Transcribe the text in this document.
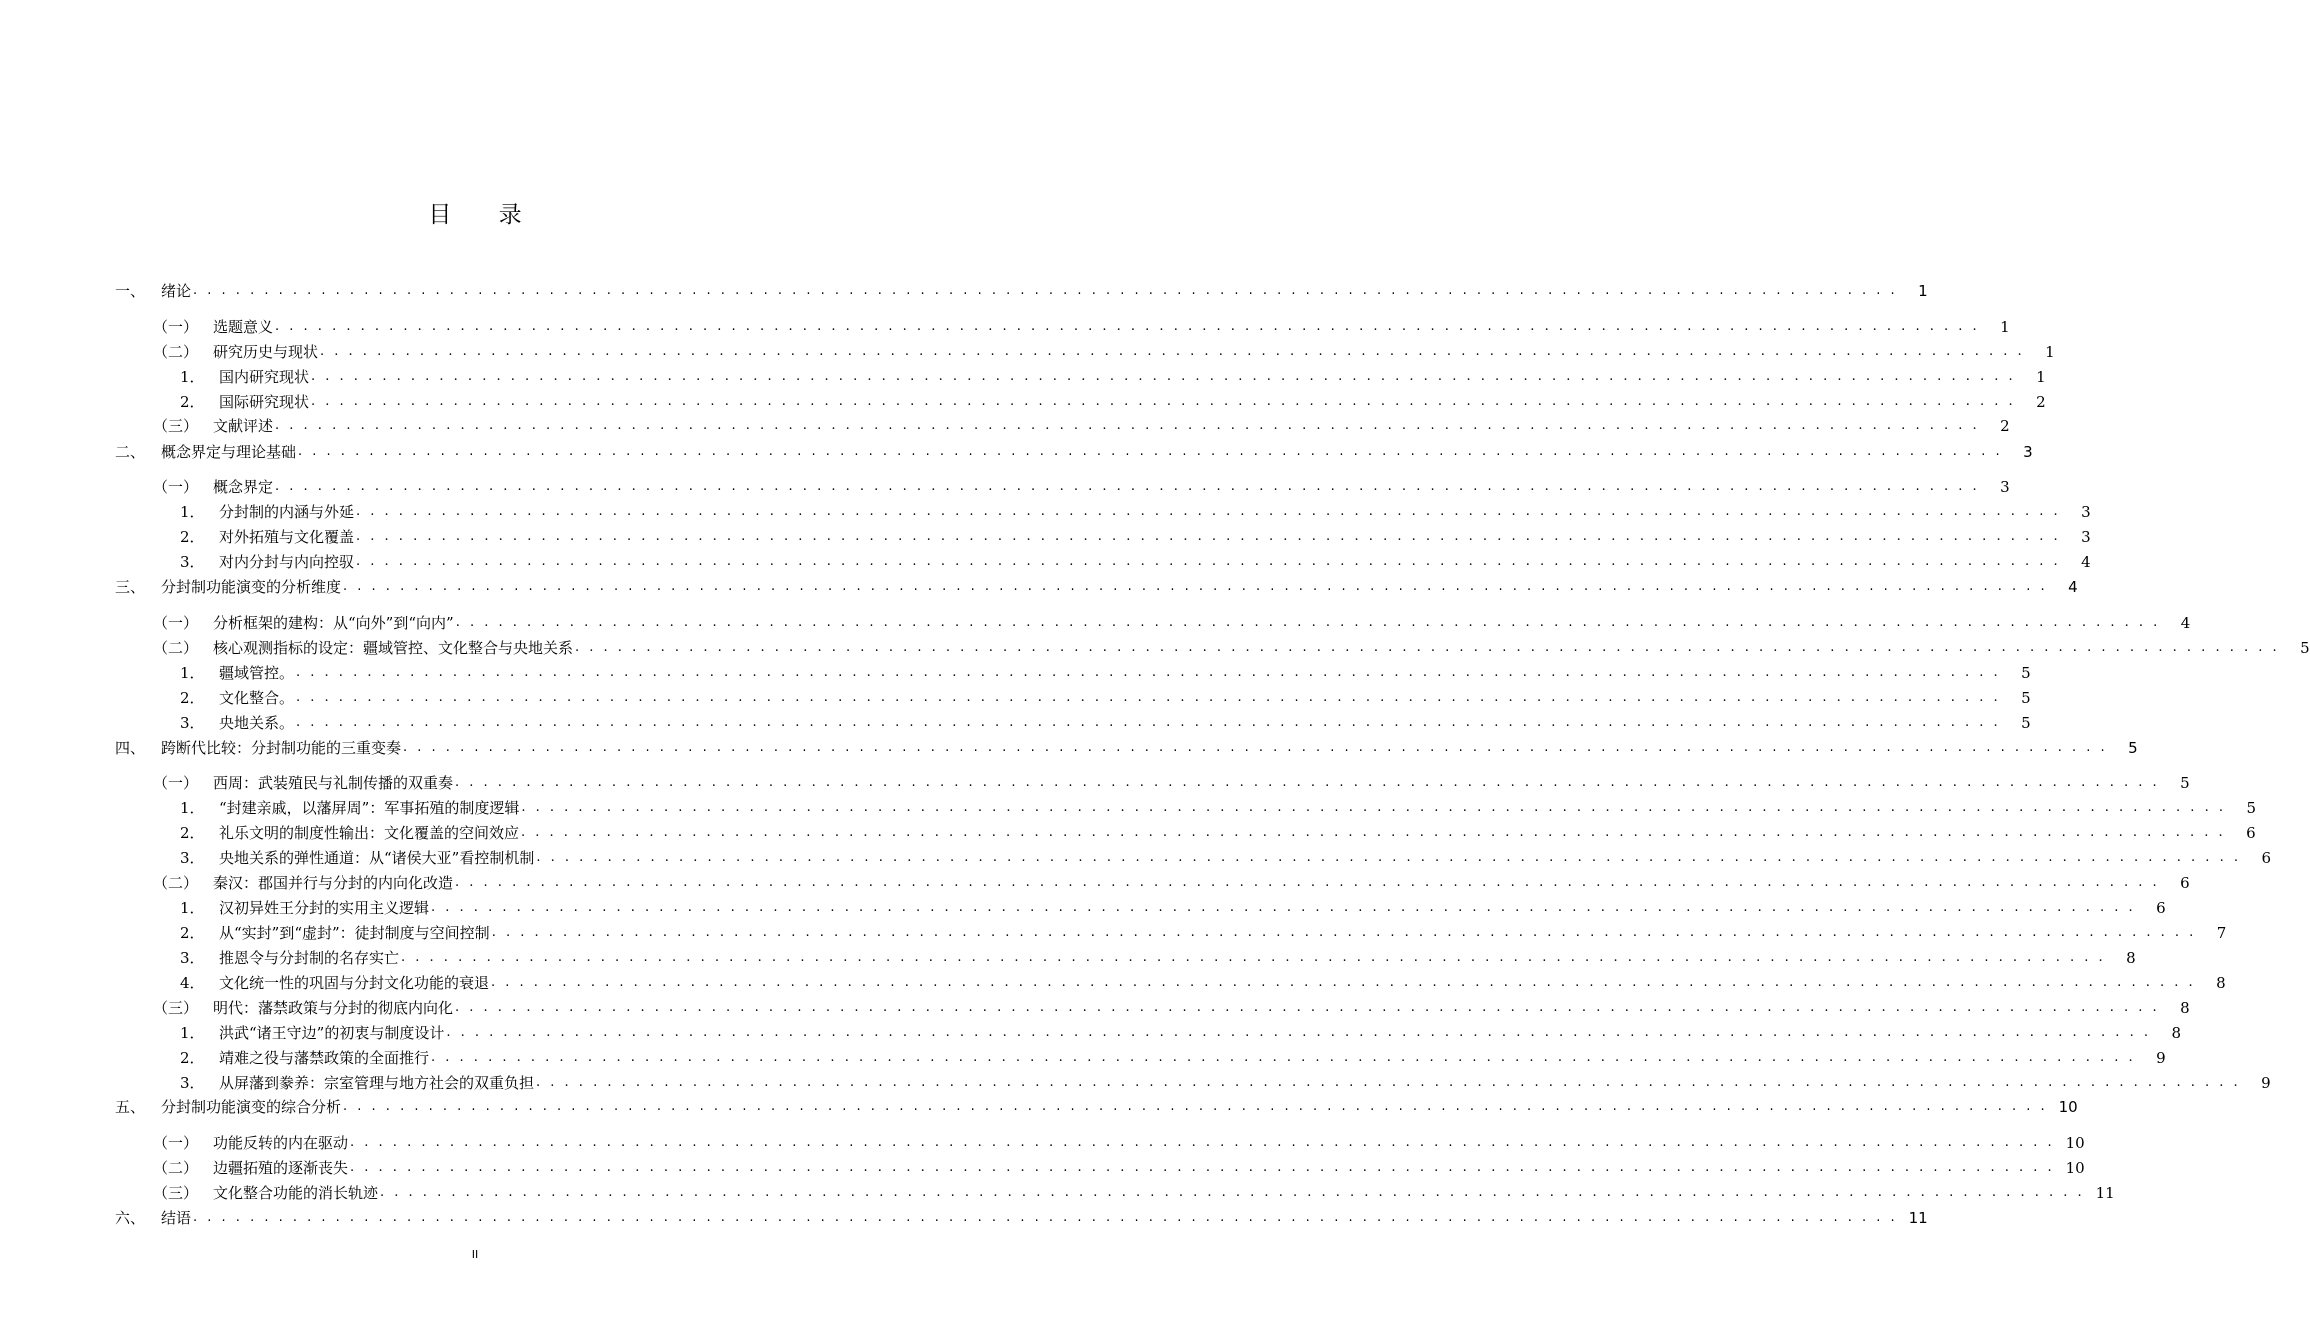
目 录
一、	绪论 . . . . . . . . . . . . . . . . . . . . . . . . . . . . . . . . . . . . . . . . . . . . . . . . . . . . . . . . . . . . . . . . . . . . . . . . . . . . . . . . . . . . . . . . . . . . . . . . . . . . . . . . . . . . . . . . . . . . . . . .	1
（一） 选题意义 . . . . . . . . . . . . . . . . . . . . . . . . . . . . . . . . . . . . . . . . . . . . . . . . . . . . . . . . . . . . . . . . . . . . . . . . . . . . . . . . . . . . . . . . . . . . . . . . . . . . . . . . . . . . . . . . . . . . . . . .	1
（二） 研究历史与现状 . . . . . . . . . . . . . . . . . . . . . . . . . . . . . . . . . . . . . . . . . . . . . . . . . . . . . . . . . . . . . . . . . . . . . . . . . . . . . . . . . . . . . . . . . . . . . . . . . . . . . . . . . . . . . . . . . . . . . . . .	1
1． 国内研究现状 . . . . . . . . . . . . . . . . . . . . . . . . . . . . . . . . . . . . . . . . . . . . . . . . . . . . . . . . . . . . . . . . . . . . . . . . . . . . . . . . . . . . . . . . . . . . . . . . . . . . . . . . . . . . . . . . . . . . . . . .	1
2． 国际研究现状 . . . . . . . . . . . . . . . . . . . . . . . . . . . . . . . . . . . . . . . . . . . . . . . . . . . . . . . . . . . . . . . . . . . . . . . . . . . . . . . . . . . . . . . . . . . . . . . . . . . . . . . . . . . . . . . . . . . . . . . .	2
（三） 文献评述 . . . . . . . . . . . . . . . . . . . . . . . . . . . . . . . . . . . . . . . . . . . . . . . . . . . . . . . . . . . . . . . . . . . . . . . . . . . . . . . . . . . . . . . . . . . . . . . . . . . . . . . . . . . . . . . . . . . . . . . .	2
二、	概念界定与理论基础 . . . . . . . . . . . . . . . . . . . . . . . . . . . . . . . . . . . . . . . . . . . . . . . . . . . . . . . . . . . . . . . . . . . . . . . . . . . . . . . . . . . . . . . . . . . . . . . . . . . . . . . . . . . . . . . . . . . . . . . .	3
（一） 概念界定 . . . . . . . . . . . . . . . . . . . . . . . . . . . . . . . . . . . . . . . . . . . . . . . . . . . . . . . . . . . . . . . . . . . . . . . . . . . . . . . . . . . . . . . . . . . . . . . . . . . . . . . . . . . . . . . . . . . . . . . .	3
1． 分封制的内涵与外延 . . . . . . . . . . . . . . . . . . . . . . . . . . . . . . . . . . . . . . . . . . . . . . . . . . . . . . . . . . . . . . . . . . . . . . . . . . . . . . . . . . . . . . . . . . . . . . . . . . . . . . . . . . . . . . . . . . . . . . . .	3
2． 对外拓殖与文化覆盖 . . . . . . . . . . . . . . . . . . . . . . . . . . . . . . . . . . . . . . . . . . . . . . . . . . . . . . . . . . . . . . . . . . . . . . . . . . . . . . . . . . . . . . . . . . . . . . . . . . . . . . . . . . . . . . . . . . . . . . . .	3
3． 对内分封与内向控驭 . . . . . . . . . . . . . . . . . . . . . . . . . . . . . . . . . . . . . . . . . . . . . . . . . . . . . . . . . . . . . . . . . . . . . . . . . . . . . . . . . . . . . . . . . . . . . . . . . . . . . . . . . . . . . . . . . . . . . . . .	4
三、	分封制功能演变的分析维度 . . . . . . . . . . . . . . . . . . . . . . . . . . . . . . . . . . . . . . . . . . . . . . . . . . . . . . . . . . . . . . . . . . . . . . . . . . . . . . . . . . . . . . . . . . . . . . . . . . . . . . . . . . . . . . . . . . . . . . . .	4
（一） 分析框架的建构：从“向外”到“向内” . . . . . . . . . . . . . . . . . . . . . . . . . . . . . . . . . . . . . . . . . . . . . . . . . . . . . . . . . . . . . . . . . . . . . . . . . . . . . . . . . . . . . . . . . . . . . . . . . . . . . . . . . . . . . . . . . . . . . . . .	4
（二） 核心观测指标的设定：疆域管控、文化整合与央地关系 . . . . . . . . . . . . . . . . . . . . . . . . . . . . . . . . . . . . . . . . . . . . . . . . . . . . . . . . . . . . . . . . . . . . . . . . . . . . . . . . . . . . . . . . . . . . . . . . . . . . . . . . . . . . . . . . . . . . . . . .	5
1． 疆域管控。 . . . . . . . . . . . . . . . . . . . . . . . . . . . . . . . . . . . . . . . . . . . . . . . . . . . . . . . . . . . . . . . . . . . . . . . . . . . . . . . . . . . . . . . . . . . . . . . . . . . . . . . . . . . . . . . . . . . . . . . .	5
2． 文化整合。 . . . . . . . . . . . . . . . . . . . . . . . . . . . . . . . . . . . . . . . . . . . . . . . . . . . . . . . . . . . . . . . . . . . . . . . . . . . . . . . . . . . . . . . . . . . . . . . . . . . . . . . . . . . . . . . . . . . . . . . .	5
3． 央地关系。 . . . . . . . . . . . . . . . . . . . . . . . . . . . . . . . . . . . . . . . . . . . . . . . . . . . . . . . . . . . . . . . . . . . . . . . . . . . . . . . . . . . . . . . . . . . . . . . . . . . . . . . . . . . . . . . . . . . . . . . .	5
四、	跨断代比较：分封制功能的三重变奏 . . . . . . . . . . . . . . . . . . . . . . . . . . . . . . . . . . . . . . . . . . . . . . . . . . . . . . . . . . . . . . . . . . . . . . . . . . . . . . . . . . . . . . . . . . . . . . . . . . . . . . . . . . . . . . . . . . . . . . . .	5
（一） 西周：武装殖民与礼制传播的双重奏 . . . . . . . . . . . . . . . . . . . . . . . . . . . . . . . . . . . . . . . . . . . . . . . . . . . . . . . . . . . . . . . . . . . . . . . . . . . . . . . . . . . . . . . . . . . . . . . . . . . . . . . . . . . . . . . . . . . . . . . .	5
1． “封建亲戚，以藩屏周”：军事拓殖的制度逻辑 . . . . . . . . . . . . . . . . . . . . . . . . . . . . . . . . . . . . . . . . . . . . . . . . . . . . . . . . . . . . . . . . . . . . . . . . . . . . . . . . . . . . . . . . . . . . . . . . . . . . . . . . . . . . . . . . . . . . . . . .	5
2． 礼乐文明的制度性输出：文化覆盖的空间效应 . . . . . . . . . . . . . . . . . . . . . . . . . . . . . . . . . . . . . . . . . . . . . . . . . . . . . . . . . . . . . . . . . . . . . . . . . . . . . . . . . . . . . . . . . . . . . . . . . . . . . . . . . . . . . . . . . . . . . . . .	6
3． 央地关系的弹性通道：从“诸侯大亚”看控制机制 . . . . . . . . . . . . . . . . . . . . . . . . . . . . . . . . . . . . . . . . . . . . . . . . . . . . . . . . . . . . . . . . . . . . . . . . . . . . . . . . . . . . . . . . . . . . . . . . . . . . . . . . . . . . . . . . . . . . . . . .	6
（二） 秦汉：郡国并行与分封的内向化改造 . . . . . . . . . . . . . . . . . . . . . . . . . . . . . . . . . . . . . . . . . . . . . . . . . . . . . . . . . . . . . . . . . . . . . . . . . . . . . . . . . . . . . . . . . . . . . . . . . . . . . . . . . . . . . . . . . . . . . . . .	6
1． 汉初异姓王分封的实用主义逻辑 . . . . . . . . . . . . . . . . . . . . . . . . . . . . . . . . . . . . . . . . . . . . . . . . . . . . . . . . . . . . . . . . . . . . . . . . . . . . . . . . . . . . . . . . . . . . . . . . . . . . . . . . . . . . . . . . . . . . . . . .	6
2． 从“实封”到“虚封”：徒封制度与空间控制 . . . . . . . . . . . . . . . . . . . . . . . . . . . . . . . . . . . . . . . . . . . . . . . . . . . . . . . . . . . . . . . . . . . . . . . . . . . . . . . . . . . . . . . . . . . . . . . . . . . . . . . . . . . . . . . . . . . . . . . .	7
3． 推恩令与分封制的名存实亡 . . . . . . . . . . . . . . . . . . . . . . . . . . . . . . . . . . . . . . . . . . . . . . . . . . . . . . . . . . . . . . . . . . . . . . . . . . . . . . . . . . . . . . . . . . . . . . . . . . . . . . . . . . . . . . . . . . . . . . . .	8
4． 文化统一性的巩固与分封文化功能的衰退 . . . . . . . . . . . . . . . . . . . . . . . . . . . . . . . . . . . . . . . . . . . . . . . . . . . . . . . . . . . . . . . . . . . . . . . . . . . . . . . . . . . . . . . . . . . . . . . . . . . . . . . . . . . . . . . . . . . . . . . .	8
（三） 明代：藩禁政策与分封的彻底内向化 . . . . . . . . . . . . . . . . . . . . . . . . . . . . . . . . . . . . . . . . . . . . . . . . . . . . . . . . . . . . . . . . . . . . . . . . . . . . . . . . . . . . . . . . . . . . . . . . . . . . . . . . . . . . . . . . . . . . . . . .	8
1． 洪武“诸王守边”的初衷与制度设计 . . . . . . . . . . . . . . . . . . . . . . . . . . . . . . . . . . . . . . . . . . . . . . . . . . . . . . . . . . . . . . . . . . . . . . . . . . . . . . . . . . . . . . . . . . . . . . . . . . . . . . . . . . . . . . . . . . . . . . . .	8
2． 靖难之役与藩禁政策的全面推行 . . . . . . . . . . . . . . . . . . . . . . . . . . . . . . . . . . . . . . . . . . . . . . . . . . . . . . . . . . . . . . . . . . . . . . . . . . . . . . . . . . . . . . . . . . . . . . . . . . . . . . . . . . . . . . . . . . . . . . . .	9
3． 从屏藩到豢养：宗室管理与地方社会的双重负担 . . . . . . . . . . . . . . . . . . . . . . . . . . . . . . . . . . . . . . . . . . . . . . . . . . . . . . . . . . . . . . . . . . . . . . . . . . . . . . . . . . . . . . . . . . . . . . . . . . . . . . . . . . . . . . . . . . . . . . . .	9
五、	分封制功能演变的综合分析 . . . . . . . . . . . . . . . . . . . . . . . . . . . . . . . . . . . . . . . . . . . . . . . . . . . . . . . . . . . . . . . . . . . . . . . . . . . . . . . . . . . . . . . . . . . . . . . . . . . . . . . . . . . . . . . . . . . . . . . . 10
（一） 功能反转的内在驱动 . . . . . . . . . . . . . . . . . . . . . . . . . . . . . . . . . . . . . . . . . . . . . . . . . . . . . . . . . . . . . . . . . . . . . . . . . . . . . . . . . . . . . . . . . . . . . . . . . . . . . . . . . . . . . . . . . . . . . . . . 10
（二） 边疆拓殖的逐渐丧失 . . . . . . . . . . . . . . . . . . . . . . . . . . . . . . . . . . . . . . . . . . . . . . . . . . . . . . . . . . . . . . . . . . . . . . . . . . . . . . . . . . . . . . . . . . . . . . . . . . . . . . . . . . . . . . . . . . . . . . . . 10
（三） 文化整合功能的消长轨迹 . . . . . . . . . . . . . . . . . . . . . . . . . . . . . . . . . . . . . . . . . . . . . . . . . . . . . . . . . . . . . . . . . . . . . . . . . . . . . . . . . . . . . . . . . . . . . . . . . . . . . . . . . . . . . . . . . . . . . . . . 11
六、	结语 . . . . . . . . . . . . . . . . . . . . . . . . . . . . . . . . . . . . . . . . . . . . . . . . . . . . . . . . . . . . . . . . . . . . . . . . . . . . . . . . . . . . . . . . . . . . . . . . . . . . . . . . . . . . . . . . . . . . . . . . 11
II
